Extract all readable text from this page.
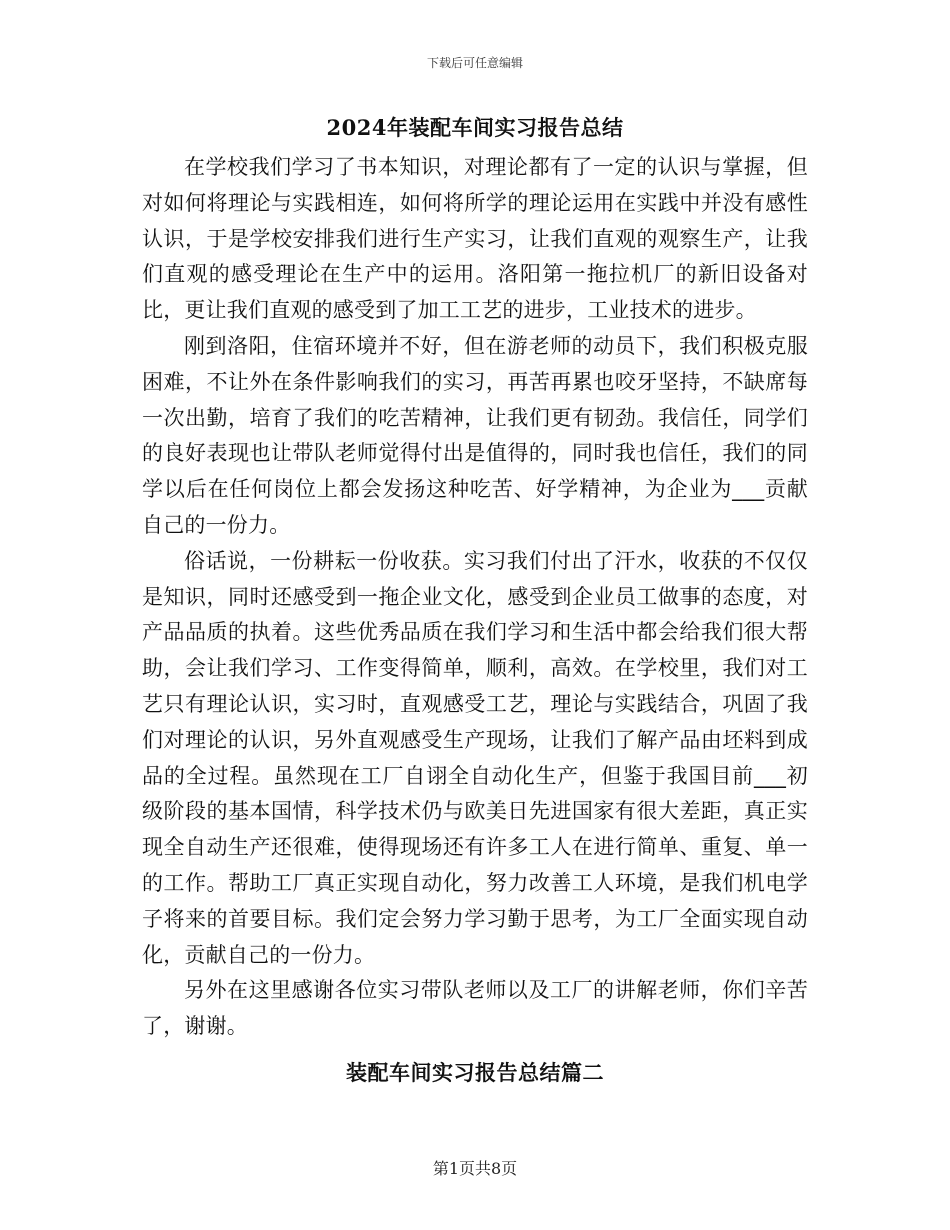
下载后可任意编辑
2024年装配车间实习报告总结

在学校我们学习了书本知识，对理论都有了一定的认识与掌握，但对如何将理论与实践相连，如何将所学的理论运用在实践中并没有感性认识，于是学校安排我们进行生产实习，让我们直观的观察生产，让我们直观的感受理论在生产中的运用。洛阳第一拖拉机厂的新旧设备对比，更让我们直观的感受到了加工工艺的进步，工业技术的进步。

刚到洛阳，住宿环境并不好，但在游老师的动员下，我们积极克服困难，不让外在条件影响我们的实习，再苦再累也咬牙坚持，不缺席每一次出勤，培育了我们的吃苦精神，让我们更有韧劲。我信任，同学们的良好表现也让带队老师觉得付出是值得的，同时我也信任，我们的同学以后在任何岗位上都会发扬这种吃苦、好学精神，为企业为___贡献自己的一份力。

俗话说，一份耕耘一份收获。实习我们付出了汗水，收获的不仅仅是知识，同时还感受到一拖企业文化，感受到企业员工做事的态度，对产品品质的执着。这些优秀品质在我们学习和生活中都会给我们很大帮助，会让我们学习、工作变得简单，顺利，高效。在学校里，我们对工艺只有理论认识，实习时，直观感受工艺，理论与实践结合，巩固了我们对理论的认识，另外直观感受生产现场，让我们了解产品由坯料到成品的全过程。虽然现在工厂自诩全自动化生产，但鉴于我国目前___初级阶段的基本国情，科学技术仍与欧美日先进国家有很大差距，真正实现全自动生产还很难，使得现场还有许多工人在进行简单、重复、单一的工作。帮助工厂真正实现自动化，努力改善工人环境，是我们机电学子将来的首要目标。我们定会努力学习勤于思考，为工厂全面实现自动化，贡献自己的一份力。

另外在这里感谢各位实习带队老师以及工厂的讲解老师，你们辛苦了，谢谢。

装配车间实习报告总结篇二
第1页共8页
